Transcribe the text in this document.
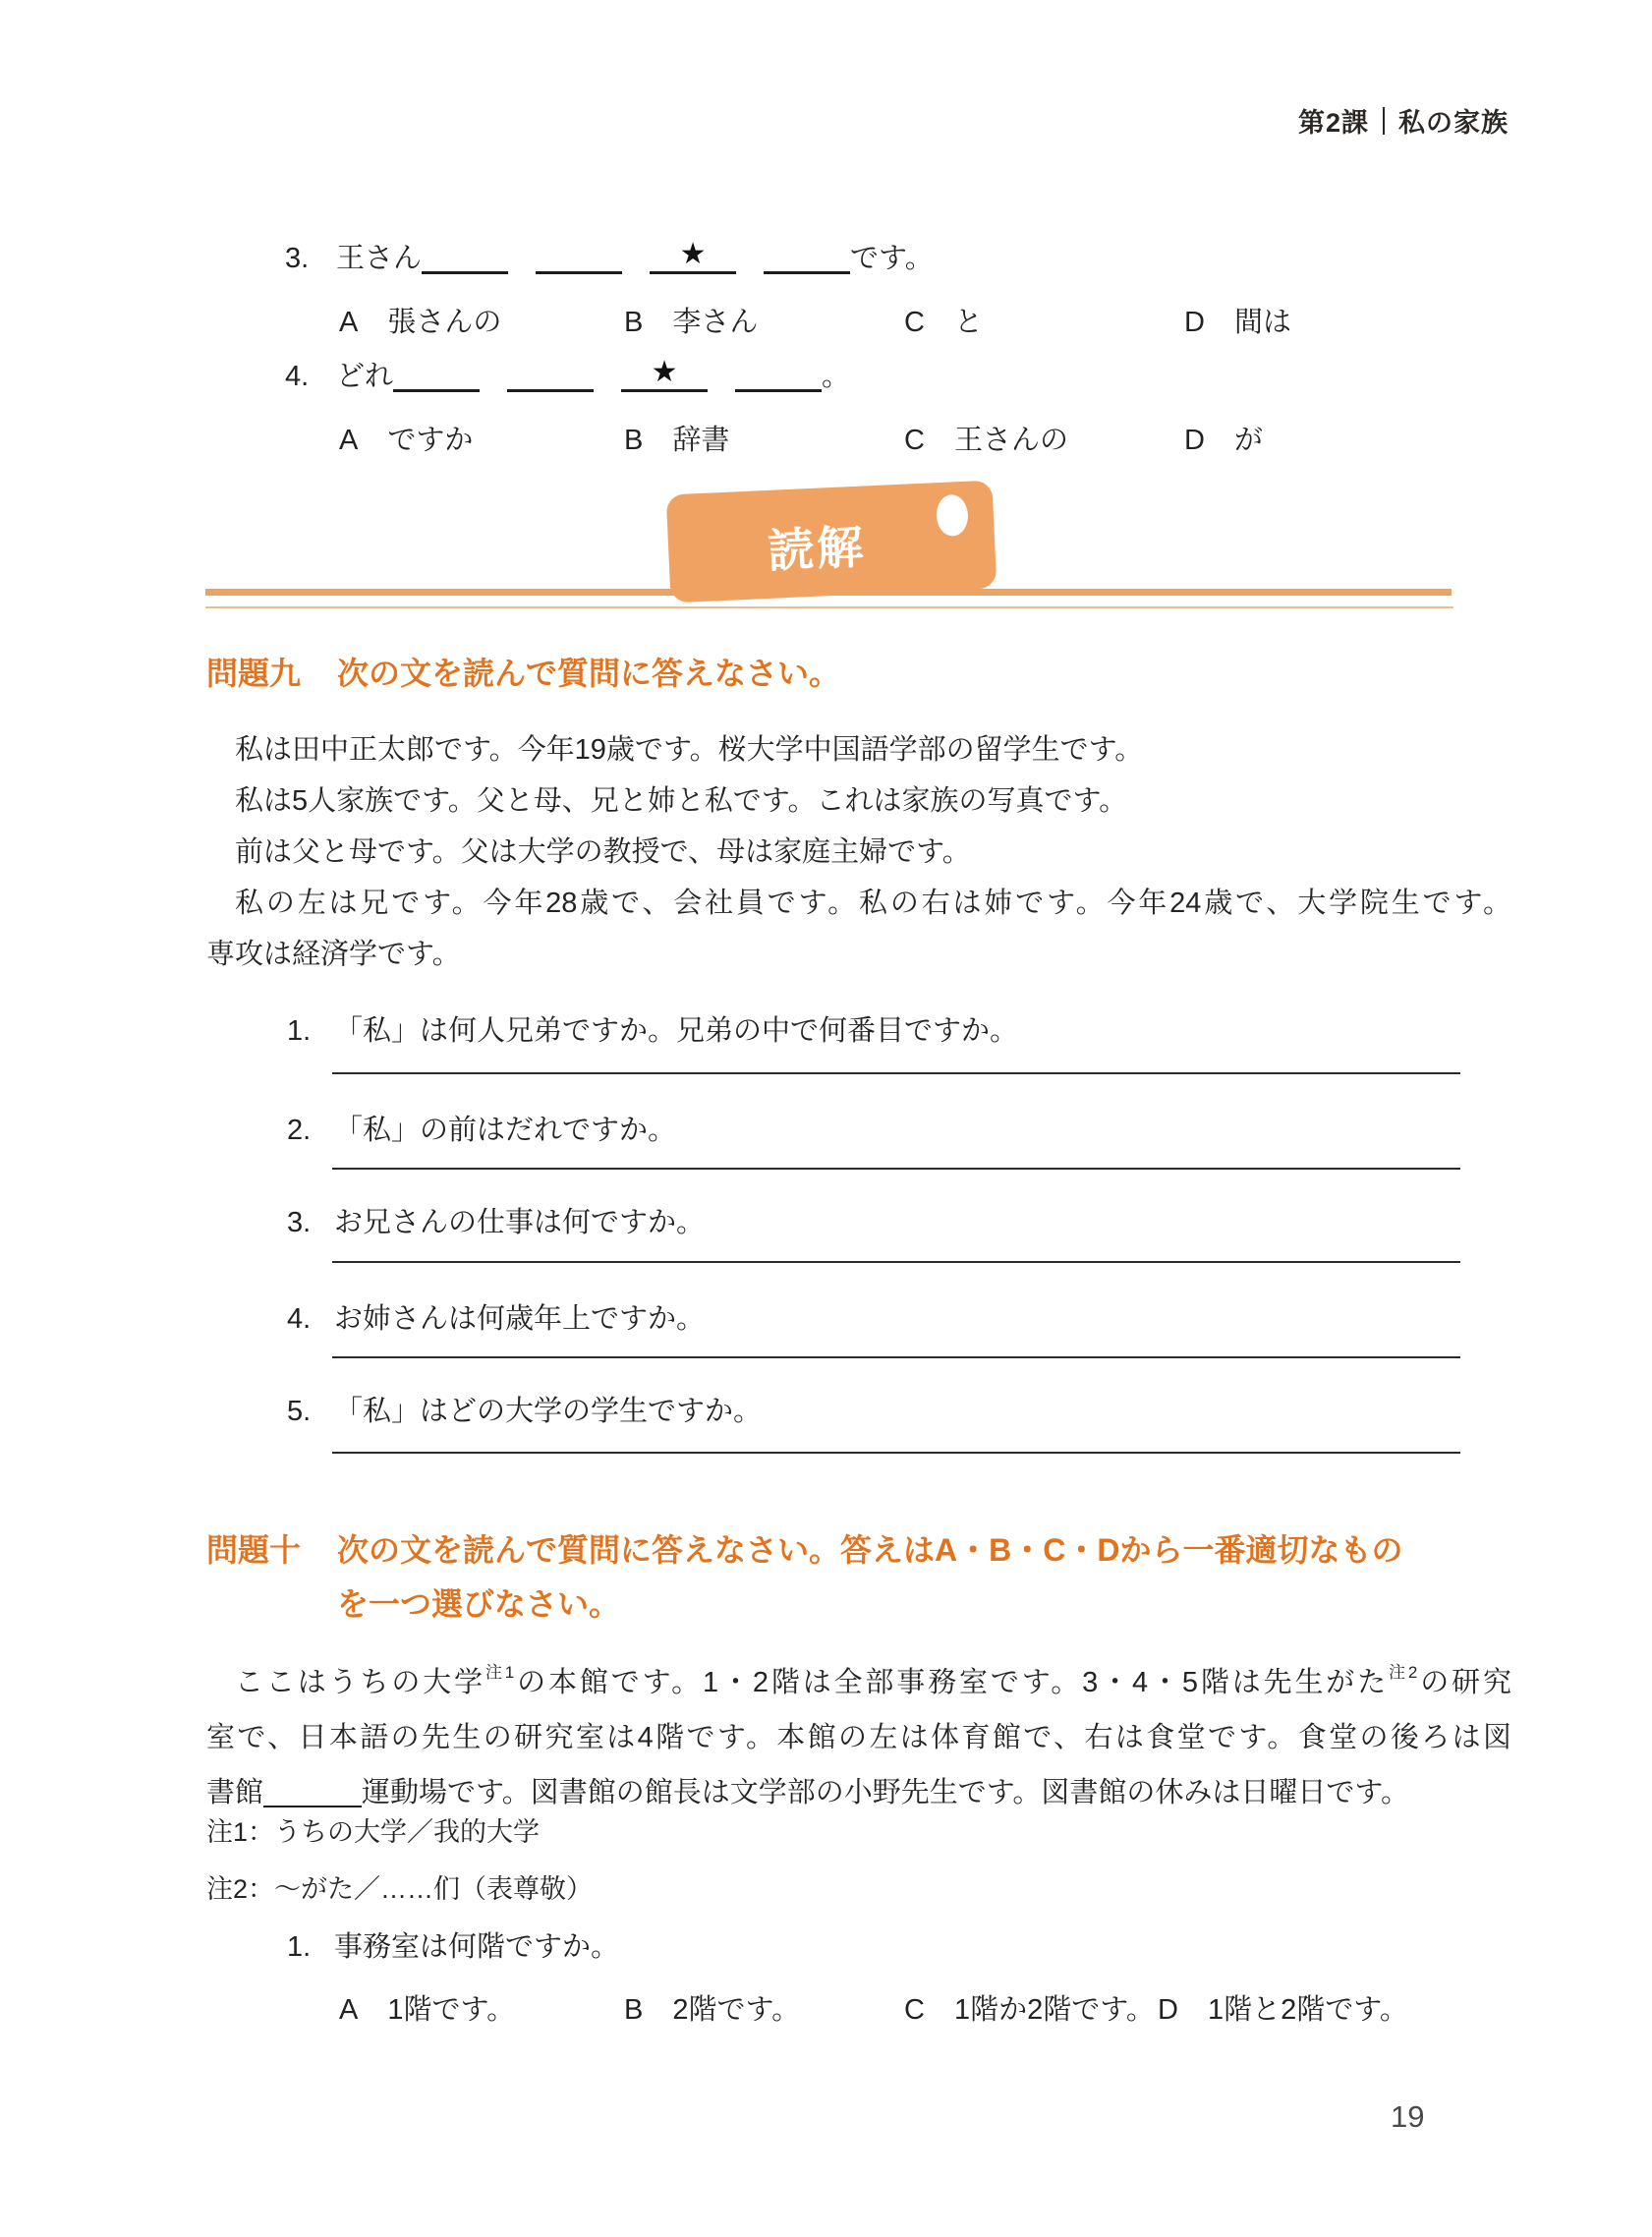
第2課 私の家族
3. 王さん	★	です。
A 張さんの	B 李さん	C と	D 間は
4. どれ	★	。
A ですか	B 辞書	C 王さんの	D が
読解
問題九 次の文を読んで質問に答えなさい。
私は田中正太郎です。今年19歳です。桜大学中国語学部の留学生です。
私は5人家族です。父と母、兄と姉と私です。これは家族の写真です。
前は父と母です。父は大学の教授で、母は家庭主婦です。
私の左は兄です。今年28歳で、会社員です。私の右は姉です。今年24歳で、大学院生です。
専攻は経済学です。
1. 「私」は何人兄弟ですか。兄弟の中で何番目ですか。
2. 「私」の前はだれですか。
3. お兄さんの仕事は何ですか。
4. お姉さんは何歳年上ですか。
5. 「私」はどの大学の学生ですか。
問題十 次の文を読んで質問に答えなさい。答えはA・B・C・Dから一番適切なもの
を一つ選びなさい。
ここはうちの大学$^{注1}$の本館です。1・2階は全部事務室です。3・4・5階は先生がた$^{注2}$の研究
室で、日本語の先生の研究室は4階です。本館の左は体育館で、右は食堂です。食堂の後ろは図
書館	運動場です。図書館の館長は文学部の小野先生です。図書館の休みは日曜日です。
注1：うちの大学／我的大学
注2：～がた／……们（表尊敬）
1. 事務室は何階ですか。
A 1階です。	B 2階です。	C 1階か2階です。 D 1階と2階です。
19
